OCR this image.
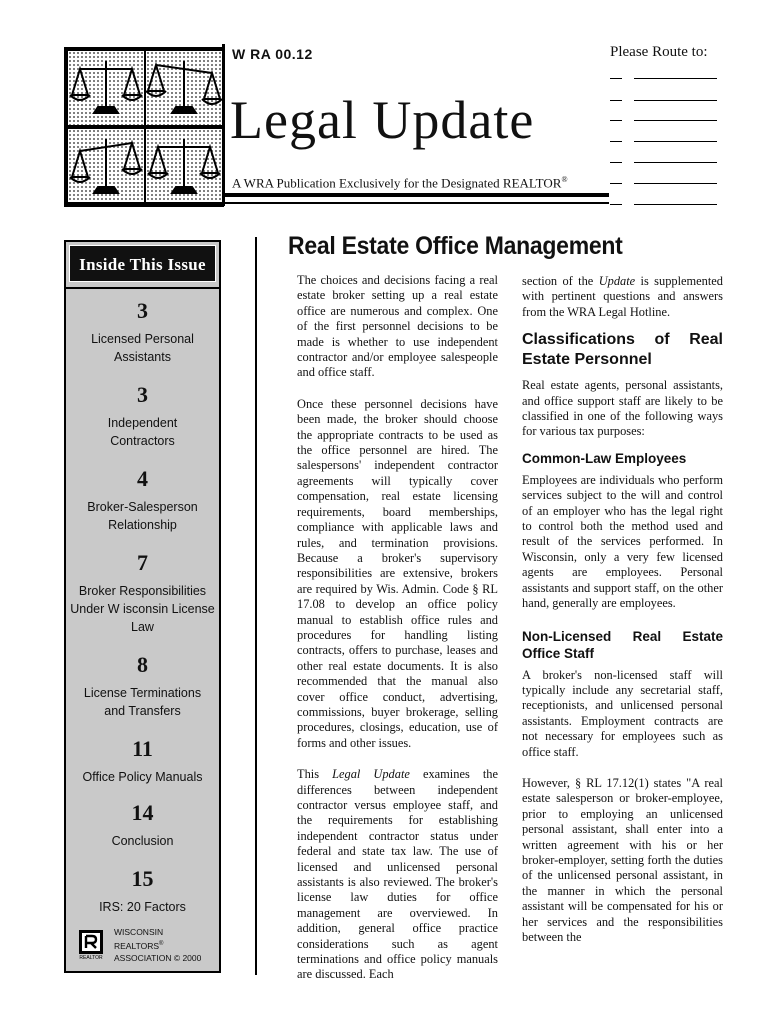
W RA 00.12
Legal Update
A WRA Publication Exclusively for the Designated REALTOR®
Please Route to:
Inside This Issue
3
Licensed Personal Assistants
3
Independent Contractors
4
Broker-Salesperson Relationship
7
Broker Responsibilities Under W isconsin License Law
8
License Terminations and Transfers
11
Office Policy Manuals
14
Conclusion
15
IRS: 20 Factors
REALTOR
WISCONSIN
REALTORS®
ASSOCIATION © 2000
Real Estate Office Management

The choices and decisions facing a real estate broker setting up a real estate office are numerous and complex. One of the first personnel decisions to be made is whether to use independent contractor and/or employee salespeople and office staff.

Once these personnel decisions have been made, the broker should choose the appropriate contracts to be used as the office personnel are hired. The salespersons' independent contractor agreements will typically cover compensation, real estate licensing requirements, board memberships, compliance with applicable laws and rules, and termination provisions. Because a broker's supervisory responsibilities are extensive, brokers are required by Wis. Admin. Code § RL 17.08 to develop an office policy manual to establish office rules and procedures for handling listing contracts, offers to purchase, leases and other real estate documents. It is also recommended that the manual also cover office conduct, advertising, commissions, buyer brokerage, selling procedures, closings, education, use of forms and other issues.

This Legal Update examines the differences between independent contractor versus employee staff, and the requirements for establishing independent contractor status under federal and state tax law. The use of licensed and unlicensed personal assistants is also reviewed. The broker's license law duties for office management are overviewed. In addition, general office practice considerations such as agent terminations and office policy manuals are discussed. Each

section of the Update is supplemented with pertinent questions and answers from the WRA Legal Hotline.

Classifications of Real Estate Personnel

Real estate agents, personal assistants, and office support staff are likely to be classified in one of the following ways for various tax purposes:

Common-Law Employees

Employees are individuals who perform services subject to the will and control of an employer who has the legal right to control both the method used and result of the services performed. In Wisconsin, only a very few licensed agents are employees. Personal assistants and support staff, on the other hand, generally are employees.

Non-Licensed Real Estate Office Staff

A broker's non-licensed staff will typically include any secretarial staff, receptionists, and unlicensed personal assistants. Employment contracts are not necessary for employees such as office staff.

However, § RL 17.12(1) states "A real estate salesperson or broker-employee, prior to employing an unlicensed personal assistant, shall enter into a written agreement with his or her broker-employer, setting forth the duties of the unlicensed personal assistant, in the manner in which the personal assistant will be compensated for his or her services and the responsibilities between the
